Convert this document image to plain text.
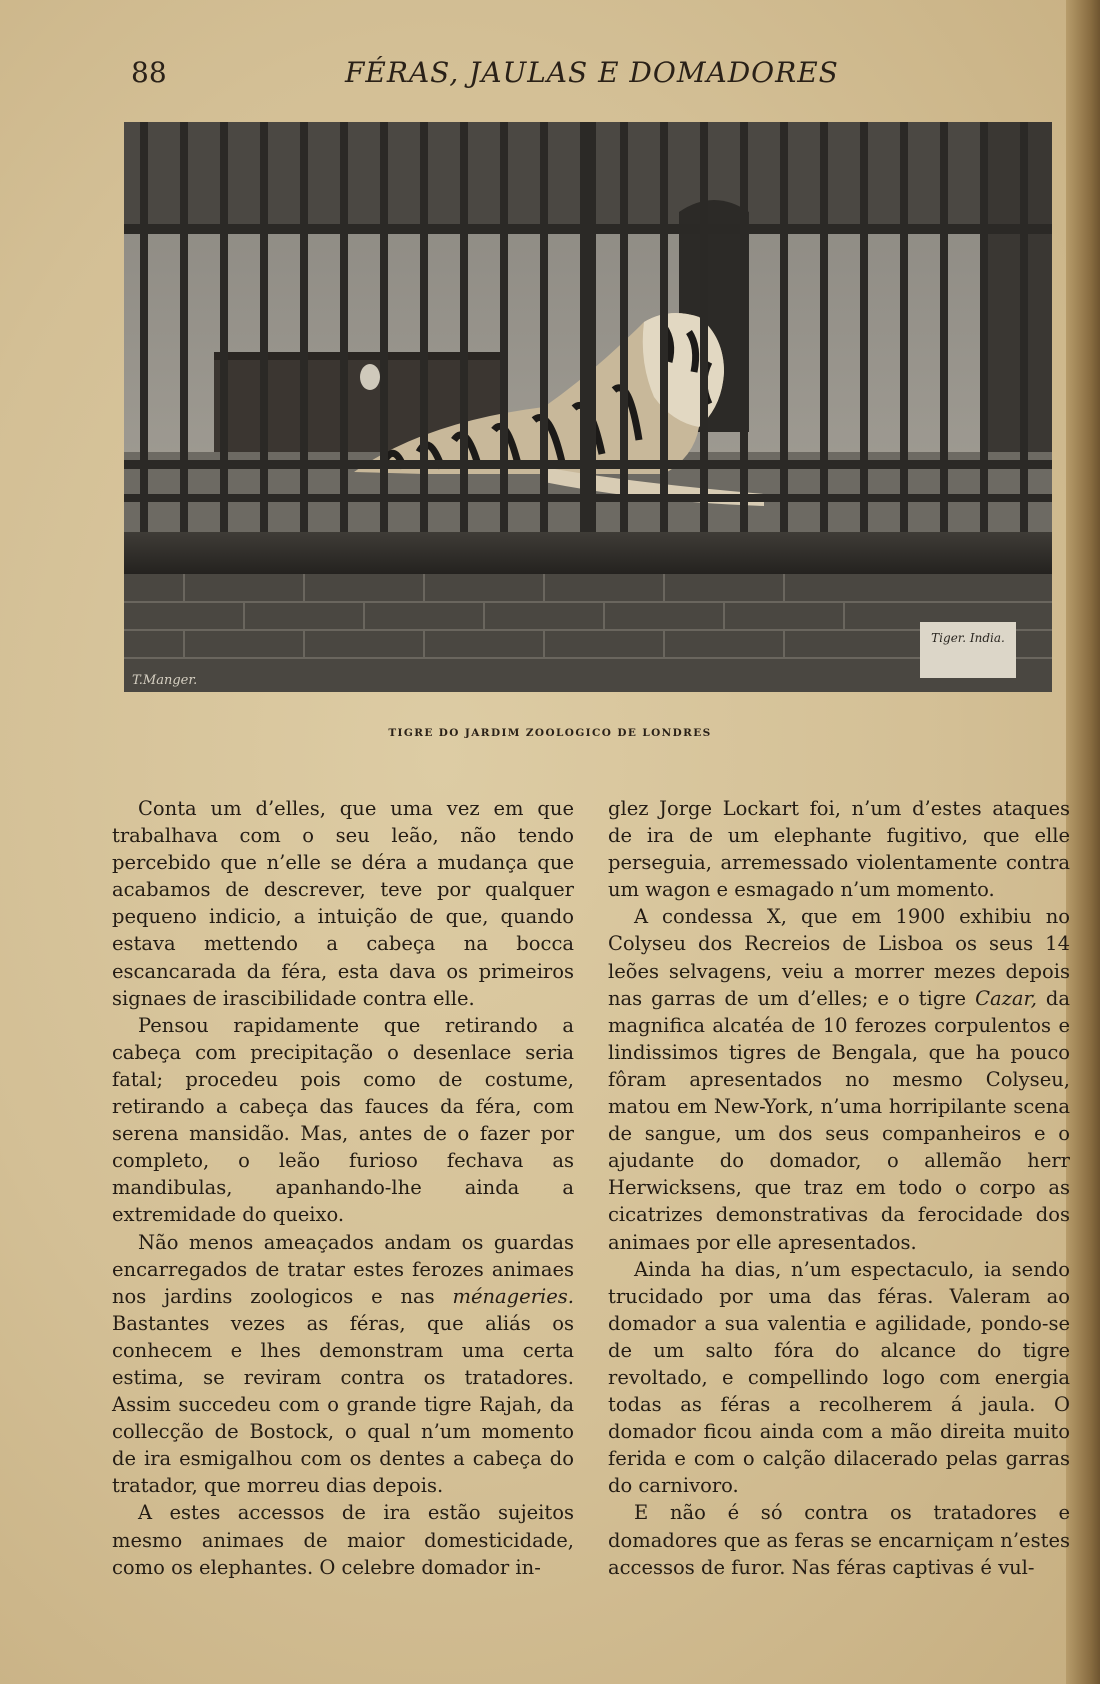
88	FÉRAS, JAULAS E DOMADORES
Tiger. India.
T.Manger.
TIGRE DO JARDIM ZOOLOGICO DE LONDRES

Conta um d’elles, que uma vez em que trabalhava com o seu leão, não tendo percebido que n’elle se déra a mudança que acabamos de descrever, teve por qualquer pequeno indicio, a intuição de que, quando estava mettendo a cabeça na bocca escancarada da féra, esta dava os primeiros signaes de irascibilidade contra elle.

Pensou rapidamente que retirando a cabeça com precipitação o desenlace seria fatal; procedeu pois como de costume, retirando a cabeça das fauces da féra, com serena mansidão. Mas, antes de o fazer por completo, o leão furioso fechava as mandibulas, apanhando-lhe ainda a extremidade do queixo.

Não menos ameaçados andam os guardas encarregados de tratar estes ferozes animaes nos jardins zoologicos e nas ménageries. Bastantes vezes as féras, que aliás os conhecem e lhes demonstram uma certa estima, se reviram contra os tratadores. Assim succedeu com o grande tigre Rajah, da collecção de Bostock, o qual n’um momento de ira esmigalhou com os dentes a cabeça do tratador, que morreu dias depois.

A estes accessos de ira estão sujeitos mesmo animaes de maior domesticidade, como os elephantes. O celebre domador in-

glez Jorge Lockart foi, n’um d’estes ataques de ira de um elephante fugitivo, que elle perseguia, arremessado violentamente contra um wagon e esmagado n’um momento.

A condessa X, que em 1900 exhibiu no Colyseu dos Recreios de Lisboa os seus 14 leões selvagens, veiu a morrer mezes depois nas garras de um d’elles; e o tigre Cazar, da magnifica alcatéa de 10 ferozes corpulentos e lindissimos tigres de Bengala, que ha pouco fôram apresentados no mesmo Colyseu, matou em New-York, n’uma horripilante scena de sangue, um dos seus companheiros e o ajudante do domador, o allemão herr Herwicksens, que traz em todo o corpo as cicatrizes demonstrativas da ferocidade dos animaes por elle apresentados.

Ainda ha dias, n’um espectaculo, ia sendo trucidado por uma das féras. Valeram ao domador a sua valentia e agilidade, pondo-se de um salto fóra do alcance do tigre revoltado, e compellindo logo com energia todas as féras a recolherem á jaula. O domador ficou ainda com a mão direita muito ferida e com o calção dilacerado pelas garras do carnivoro.

E não é só contra os tratadores e domadores que as feras se encarniçam n’estes accessos de furor. Nas féras captivas é vul-
